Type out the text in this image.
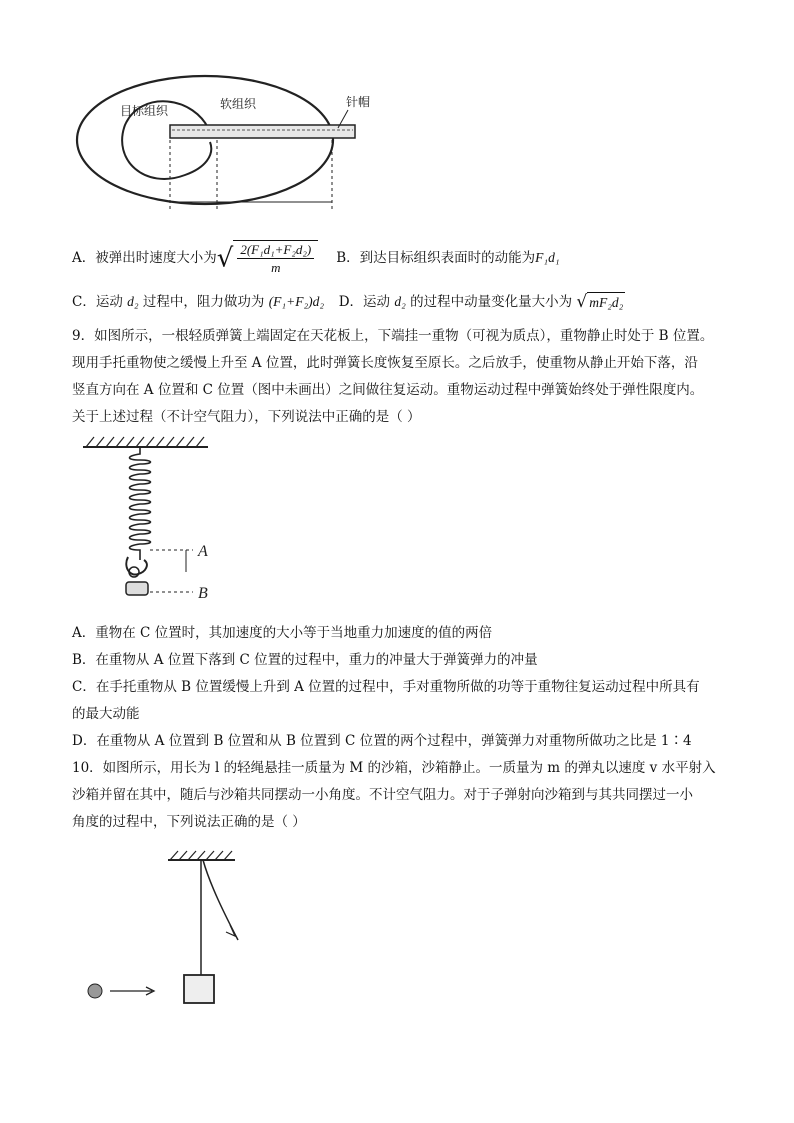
目标组织	软组织	针帽
A．被弹出时速度大小为 √ $\frac{\text{2(F₁d₁+F₂d₂)}}{m}$ B．到达目标组织表面时的动能为 F₁d₁
C．运动 d₂ 过程中，阻力做功为 (F₁+F₂)d₂ D．运动 d₂ 的过程中动量变化量大小为 √ mF₂d₂
9．如图所示，一根轻质弹簧上端固定在天花板上，下端挂一重物（可视为质点），重物静止时处于 B 位置。
现用手托重物使之缓慢上升至 A 位置，此时弹簧长度恢复至原长。之后放手，使重物从静止开始下落，沿
竖直方向在 A 位置和 C 位置（图中未画出）之间做往复运动。重物运动过程中弹簧始终处于弹性限度内。
关于上述过程（不计空气阻力），下列说法中正确的是（ ）
A
B
A．重物在 C 位置时，其加速度的大小等于当地重力加速度的值的两倍
B．在重物从 A 位置下落到 C 位置的过程中，重力的冲量大于弹簧弹力的冲量
C．在手托重物从 B 位置缓慢上升到 A 位置的过程中，手对重物所做的功等于重物往复运动过程中所具有
的最大动能
D．在重物从 A 位置到 B 位置和从 B 位置到 C 位置的两个过程中，弹簧弹力对重物所做功之比是 1∶4
10．如图所示，用长为 l 的轻绳悬挂一质量为 M 的沙箱，沙箱静止。一质量为 m 的弹丸以速度 v 水平射入
沙箱并留在其中，随后与沙箱共同摆动一小角度。不计空气阻力。对于子弹射向沙箱到与其共同摆过一小
角度的过程中，下列说法正确的是（ ）
